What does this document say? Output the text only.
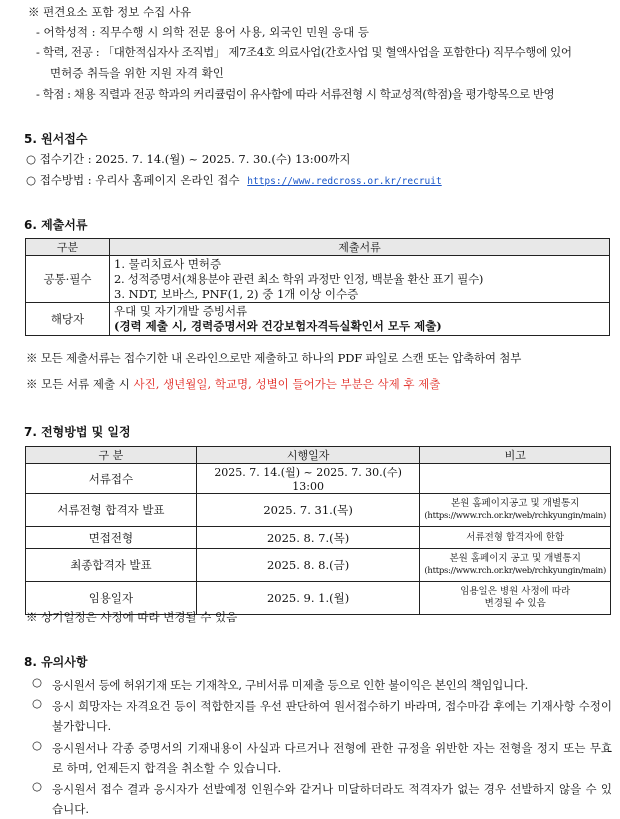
※ 편견요소 포함 정보 수집 사유
- 어학성적 : 직무수행 시 의학 전문 용어 사용, 외국인 민원 응대 등
- 학력, 전공 : 「대한적십자사 조직법」 제7조4호 의료사업(간호사업 및 혈액사업을 포함한다) 직무수행에 있어
면허증 취득을 위한 지원 자격 확인
- 학점 : 채용 직렬과 전공 학과의 커리큘럼이 유사함에 따라 서류전형 시 학교성적(학점)을 평가항목으로 반영
5. 원서접수
○ 접수기간 : 2025. 7. 14.(월) ~ 2025. 7. 30.(수) 13:00까지
○ 접수방법 : 우리사 홈페이지 온라인 접수 https://www.redcross.or.kr/recruit
6. 제출서류
구분	제출서류
공통·필수	1. 물리치료사 면허증
2. 성적증명서(채용분야 관련 최소 학위 과정만 인정, 백분율 환산 표기 필수)
3. NDT, 보바스, PNF(1, 2) 중 1개 이상 이수증

해당자	우대 및 자기개발 증빙서류
(경력 제출 시, 경력증명서와 건강보험자격득실확인서 모두 제출)
※ 모든 제출서류는 접수기한 내 온라인으로만 제출하고 하나의 PDF 파일로 스캔 또는 압축하여 첨부
※ 모든 서류 제출 시 사진, 생년월일, 학교명, 성별이 들어가는 부분은 삭제 후 제출
7. 전형방법 및 일정
구 분	시행일자	비고
서류접수	2025. 7. 14.(월) ~ 2025. 7. 30.(수) 13:00	
서류전형 합격자 발표	2025. 7. 31.(목)	본원 홈페이지공고 및 개별통지
(https://www.rch.or.kr/web/rchkyungin/main)

면접전형	2025. 8. 7.(목)	서류전형 합격자에 한함
최종합격자 발표	2025. 8. 8.(금)	본원 홈페이지 공고 및 개별통지
(https://www.rch.or.kr/web/rchkyungin/main)

임용일자	2025. 9. 1.(월)	임용일은 병원 사정에 따라
변경될 수 있음
※ 상기일정은 사정에 따라 변경될 수 있음
8. 유의사항
○ 응시원서 등에 허위기재 또는 기재착오, 구비서류 미제출 등으로 인한 불이익은 본인의 책임입니다.
○ 응시 희망자는 자격요건 등이 적합한지를 우선 판단하여 원서접수하기 바라며, 접수마감 후에는 기재사항 수정이 불가합니다.
○ 응시원서나 각종 증명서의 기재내용이 사실과 다르거나 전형에 관한 규정을 위반한 자는 전형을 정지 또는 무효로 하며, 언제든지 합격을 취소할 수 있습니다.
○ 응시원서 접수 결과 응시자가 선발예정 인원수와 같거나 미달하더라도 적격자가 없는 경우 선발하지 않을 수 있습니다.
